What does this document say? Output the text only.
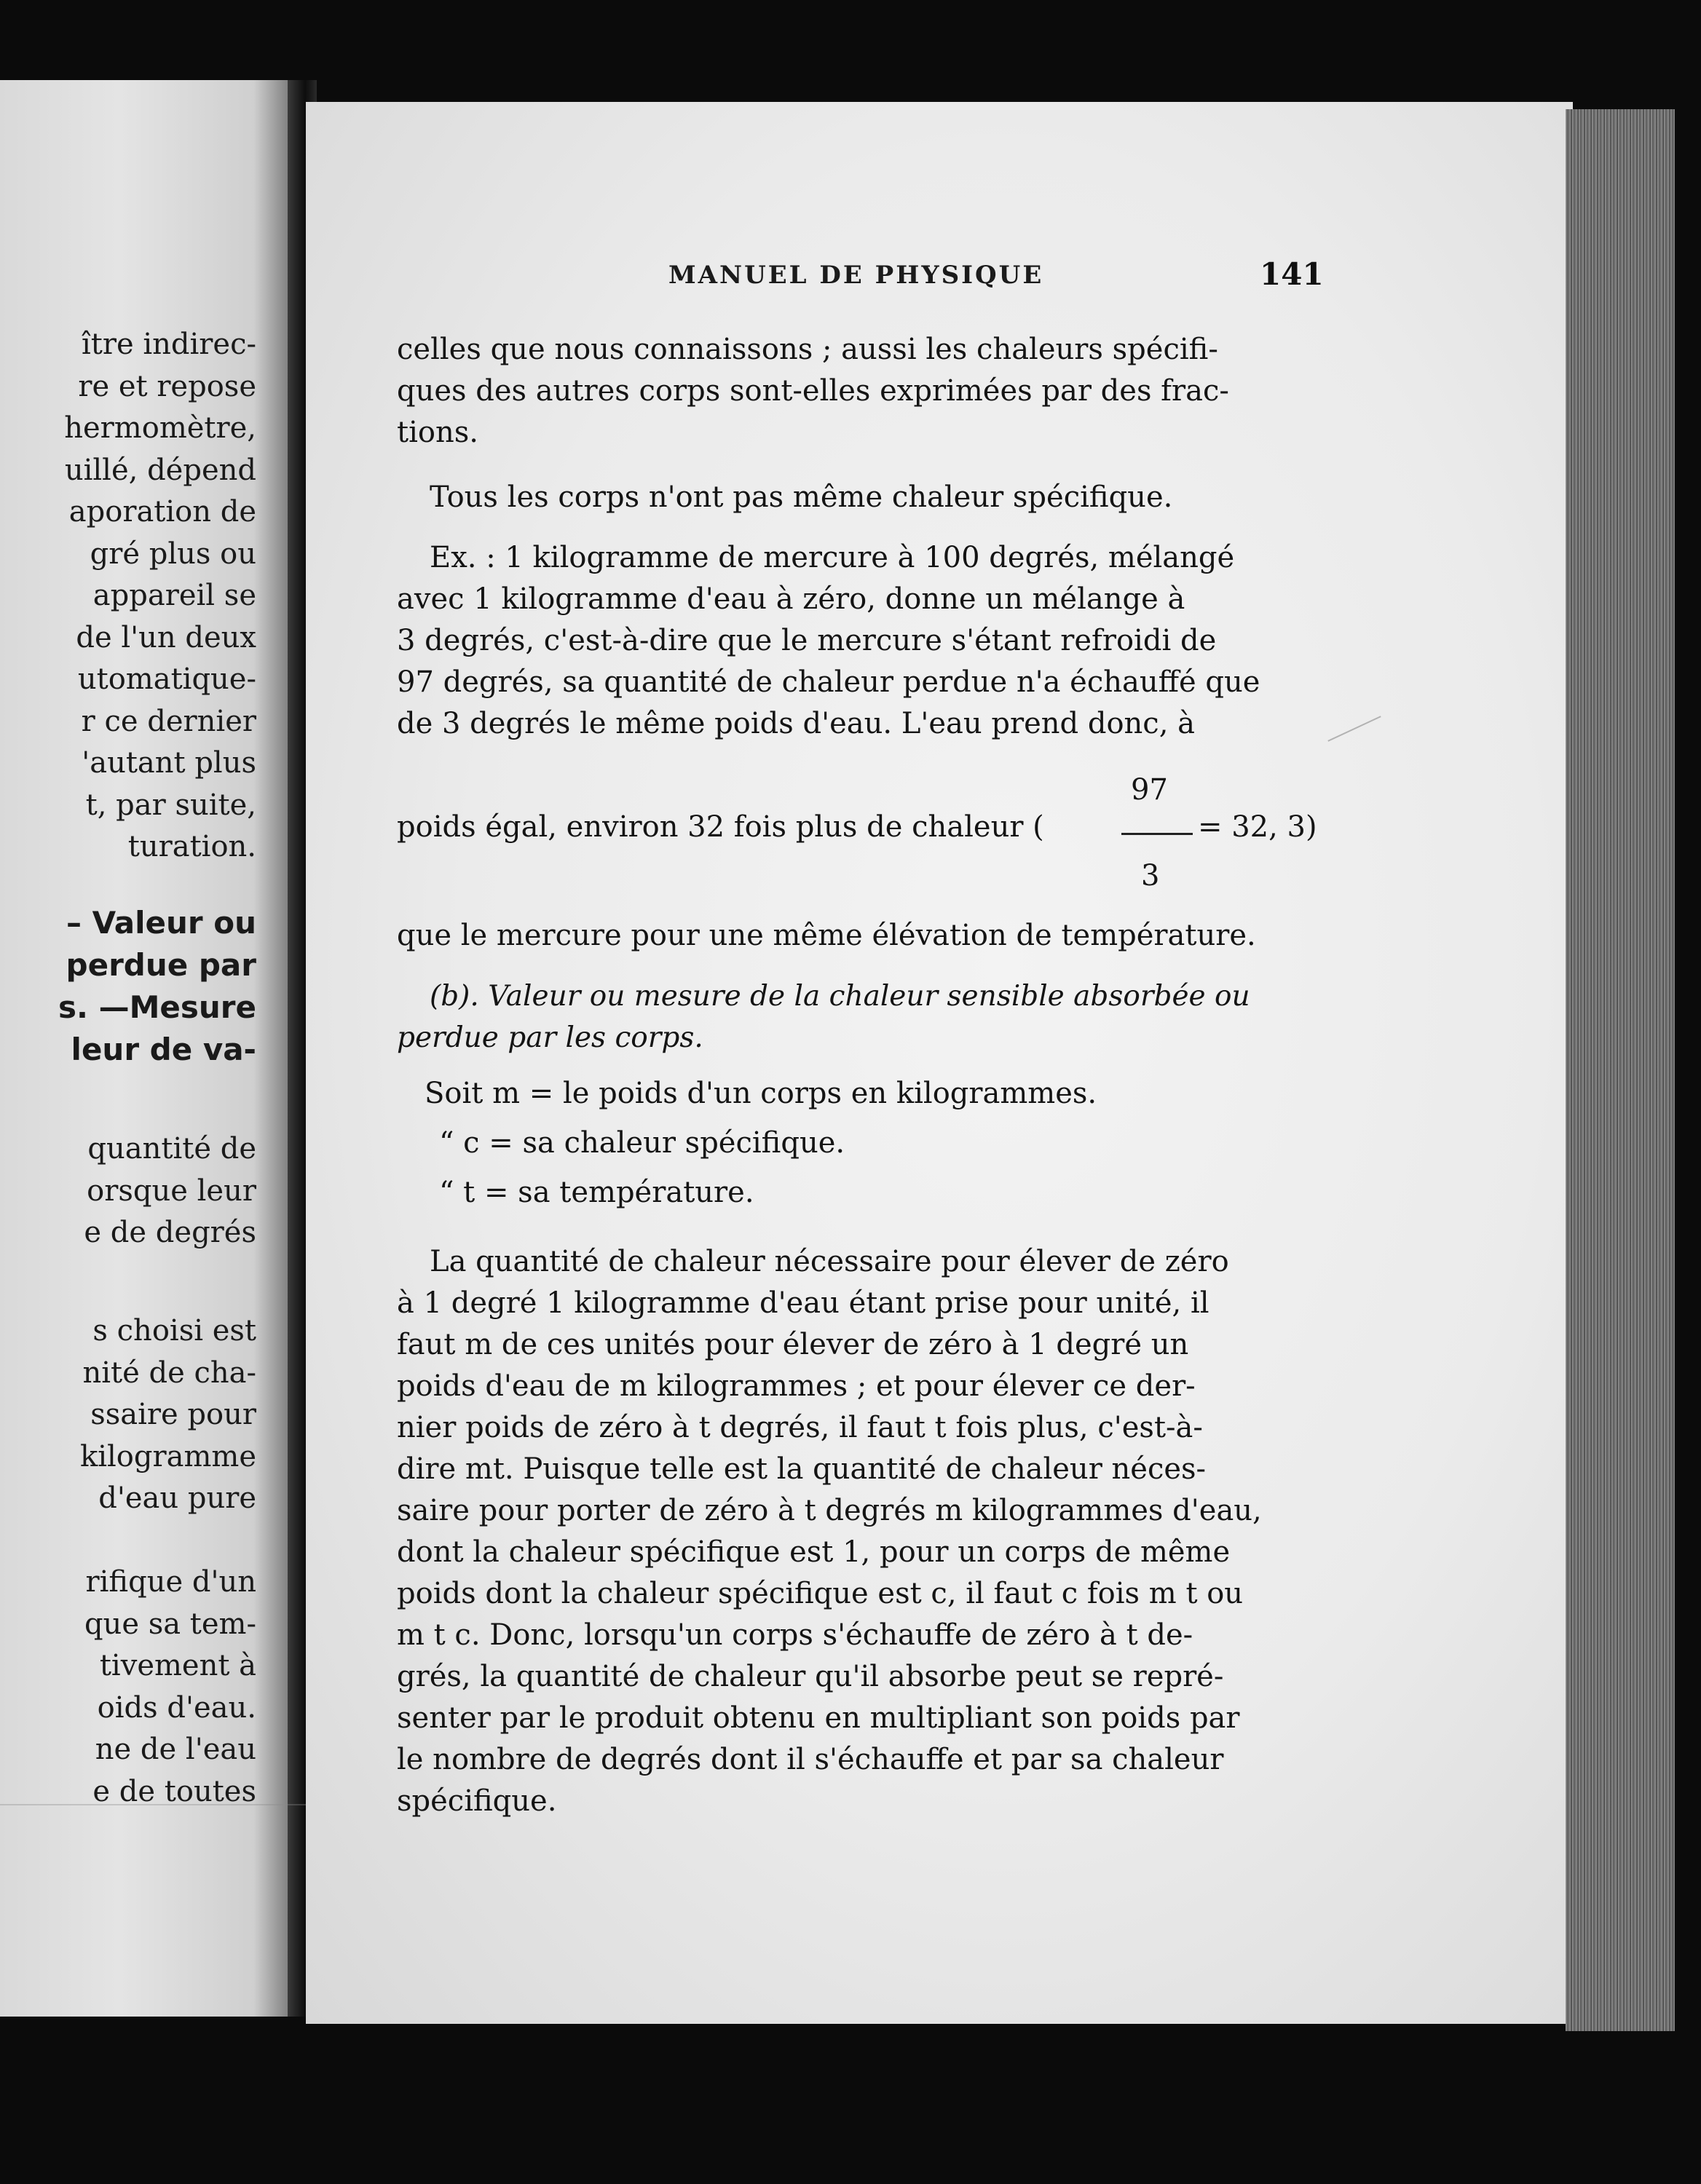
ître indirec-
re et repose
hermomètre,
uillé, dépend
aporation de
gré plus ou
appareil se
de l'un deux
utomatique-
r ce dernier
'autant plus
t, par suite,
turation.
– Valeur ou
perdue par
s. —Mesure
leur de va-
quantité de
orsque leur
e de degrés
s choisi est
nité de cha-
ssaire pour
kilogramme
d'eau pure
rifique d'un
que sa tem-
tivement à
oids d'eau.
ne de l'eau
e de toutes
MANUEL DE PHYSIQUE	141
celles que nous connaissons ; aussi les chaleurs spécifi-
ques des autres corps sont-elles exprimées par des frac-
tions.
Tous les corps n'ont pas même chaleur spécifique.
Ex. : 1 kilogramme de mercure à 100 degrés, mélangé
avec 1 kilogramme d'eau à zéro, donne un mélange à
3 degrés, c'est-à-dire que le mercure s'étant refroidi de
97 degrés, sa quantité de chaleur perdue n'a échauffé que
de 3 degrés le même poids d'eau. L'eau prend donc, à
97
poids égal, environ 32 fois plus de chaleur (	= 32, 3)
3
que le mercure pour une même élévation de température.
(b). Valeur ou mesure de la chaleur sensible absorbée ou
perdue par les corps.
Soit m = le poids d'un corps en kilogrammes.
“ c = sa chaleur spécifique.
“ t = sa température.
La quantité de chaleur nécessaire pour élever de zéro
à 1 degré 1 kilogramme d'eau étant prise pour unité, il
faut m de ces unités pour élever de zéro à 1 degré un
poids d'eau de m kilogrammes ; et pour élever ce der-
nier poids de zéro à t degrés, il faut t fois plus, c'est-à-
dire mt. Puisque telle est la quantité de chaleur néces-
saire pour porter de zéro à t degrés m kilogrammes d'eau,
dont la chaleur spécifique est 1, pour un corps de même
poids dont la chaleur spécifique est c, il faut c fois m t ou
m t c. Donc, lorsqu'un corps s'échauffe de zéro à t de-
grés, la quantité de chaleur qu'il absorbe peut se repré-
senter par le produit obtenu en multipliant son poids par
le nombre de degrés dont il s'échauffe et par sa chaleur
spécifique.
